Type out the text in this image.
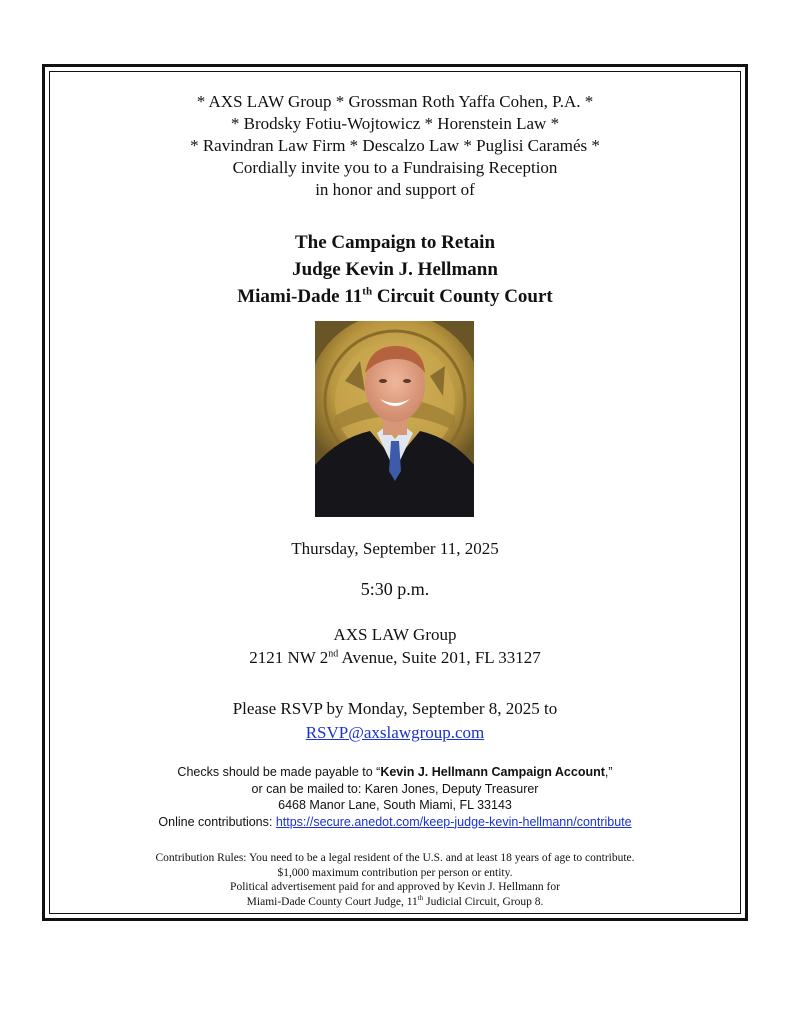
* AXS LAW Group * Grossman Roth Yaffa Cohen, P.A. *
* Brodsky Fotiu-Wojtowicz * Horenstein Law *
* Ravindran Law Firm * Descalzo Law * Puglisi Caramés *
Cordially invite you to a Fundraising Reception
in honor and support of
The Campaign to Retain
Judge Kevin J. Hellmann
Miami-Dade 11th Circuit County Court
Thursday, September 11, 2025
5:30 p.m.
AXS LAW Group
2121 NW 2nd Avenue, Suite 201, FL 33127
Please RSVP by Monday, September 8, 2025 to
RSVP@axslawgroup.com
Checks should be made payable to “Kevin J. Hellmann Campaign Account,”
or can be mailed to: Karen Jones, Deputy Treasurer
6468 Manor Lane, South Miami, FL 33143
Online contributions: https://secure.anedot.com/keep-judge-kevin-hellmann/contribute
Contribution Rules: You need to be a legal resident of the U.S. and at least 18 years of age to contribute.
$1,000 maximum contribution per person or entity.
Political advertisement paid for and approved by Kevin J. Hellmann for
Miami-Dade County Court Judge, 11th Judicial Circuit, Group 8.
